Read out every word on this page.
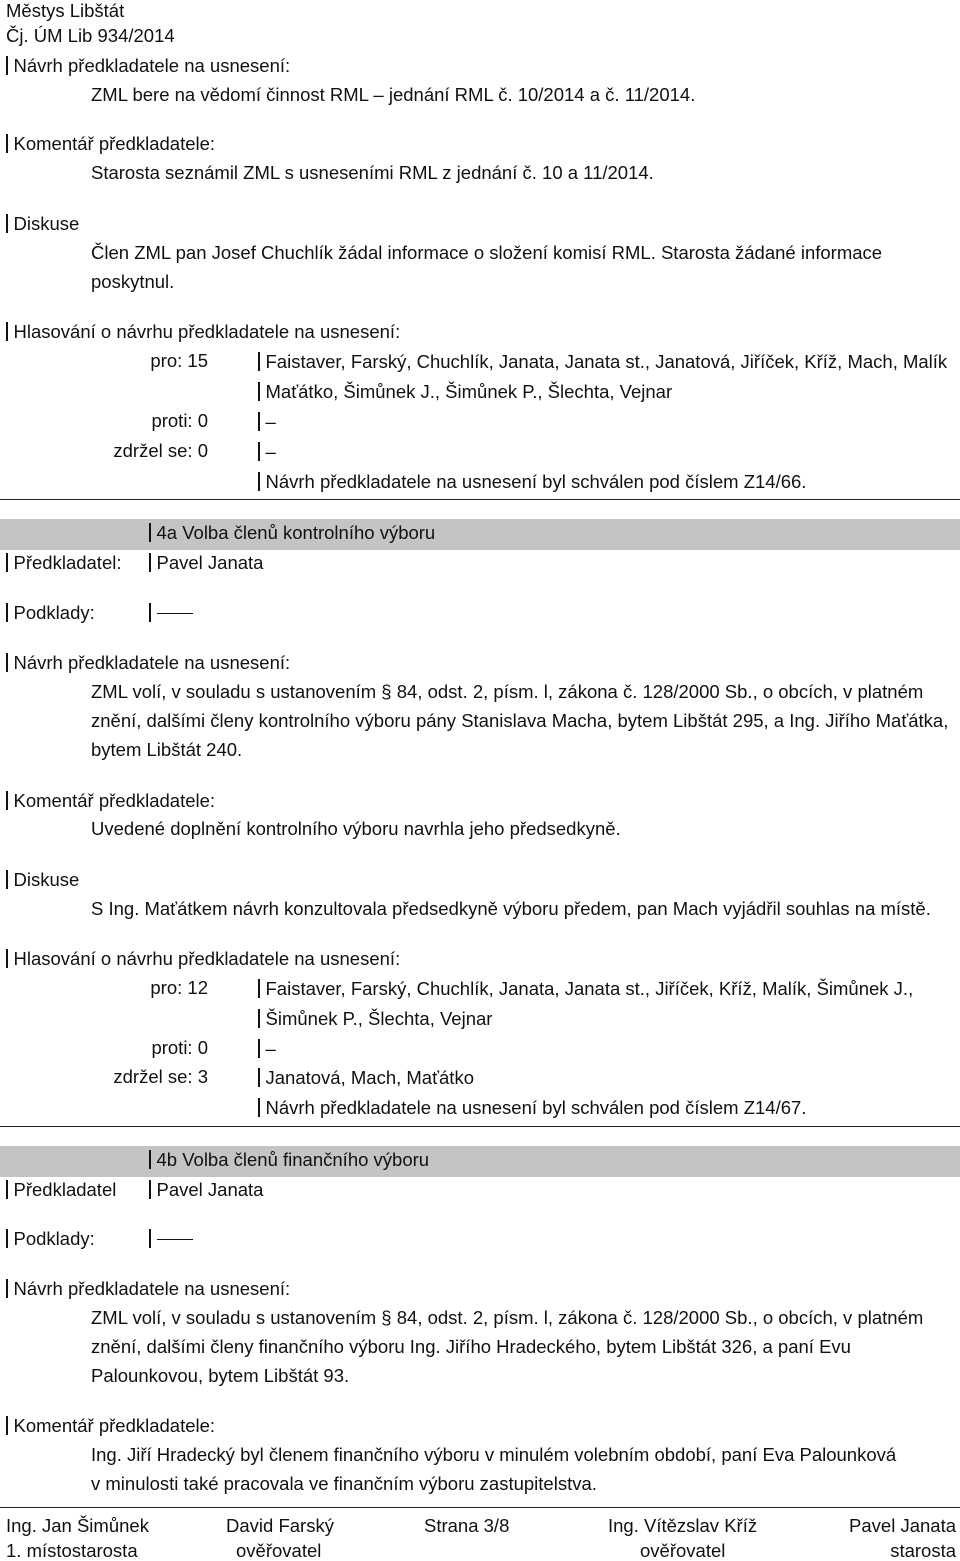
Městys Libštát
Čj. ÚM Lib 934/2014
Návrh předkladatele na usnesení:
ZML bere na vědomí činnost RML – jednání RML č. 10/2014 a č. 11/2014.
Komentář předkladatele:
Starosta seznámil ZML s usneseními RML z jednání č. 10 a 11/2014.
Diskuse
Člen ZML pan Josef Chuchlík žádal informace o složení komisí RML. Starosta žádané informace
poskytnul.
Hlasování o návrhu předkladatele na usnesení:
pro: 15	Faistaver, Farský, Chuchlík, Janata, Janata st., Janatová, Jiříček, Kříž, Mach, Malík
Maťátko, Šimůnek J., Šimůnek P., Šlechta, Vejnar
proti: 0	–
zdržel se: 0	–
Návrh předkladatele na usnesení byl schválen pod číslem Z14/66.
4a Volba členů kontrolního výboru
Předkladatel:	Pavel Janata
Podklady:
Návrh předkladatele na usnesení:
ZML volí, v souladu s ustanovením § 84, odst. 2, písm. l, zákona č. 128/2000 Sb., o obcích, v platném
znění, dalšími členy kontrolního výboru pány Stanislava Macha, bytem Libštát 295, a Ing. Jiřího Maťátka,
bytem Libštát 240.
Komentář předkladatele:
Uvedené doplnění kontrolního výboru navrhla jeho předsedkyně.
Diskuse
S Ing. Maťátkem návrh konzultovala předsedkyně výboru předem, pan Mach vyjádřil souhlas na místě.
Hlasování o návrhu předkladatele na usnesení:
pro: 12	Faistaver, Farský, Chuchlík, Janata, Janata st., Jiříček, Kříž, Malík, Šimůnek J.,
Šimůnek P., Šlechta, Vejnar
proti: 0	–
zdržel se: 3	Janatová, Mach, Maťátko
Návrh předkladatele na usnesení byl schválen pod číslem Z14/67.
4b Volba členů finančního výboru
Předkladatel	Pavel Janata
Podklady:
Návrh předkladatele na usnesení:
ZML volí, v souladu s ustanovením § 84, odst. 2, písm. l, zákona č. 128/2000 Sb., o obcích, v platném
znění, dalšími členy finančního výboru Ing. Jiřího Hradeckého, bytem Libštát 326, a paní Evu
Palounkovou, bytem Libštát 93.
Komentář předkladatele:
Ing. Jiří Hradecký byl členem finančního výboru v minulém volebním období, paní Eva Palounková
v minulosti také pracovala ve finančním výboru zastupitelstva.
Ing. Jan Šimůnek
1. místostarosta
David Farský
ověřovatel
Strana 3/8	Ing. Vítězslav Kříž
ověřovatel
Pavel Janata
starosta
